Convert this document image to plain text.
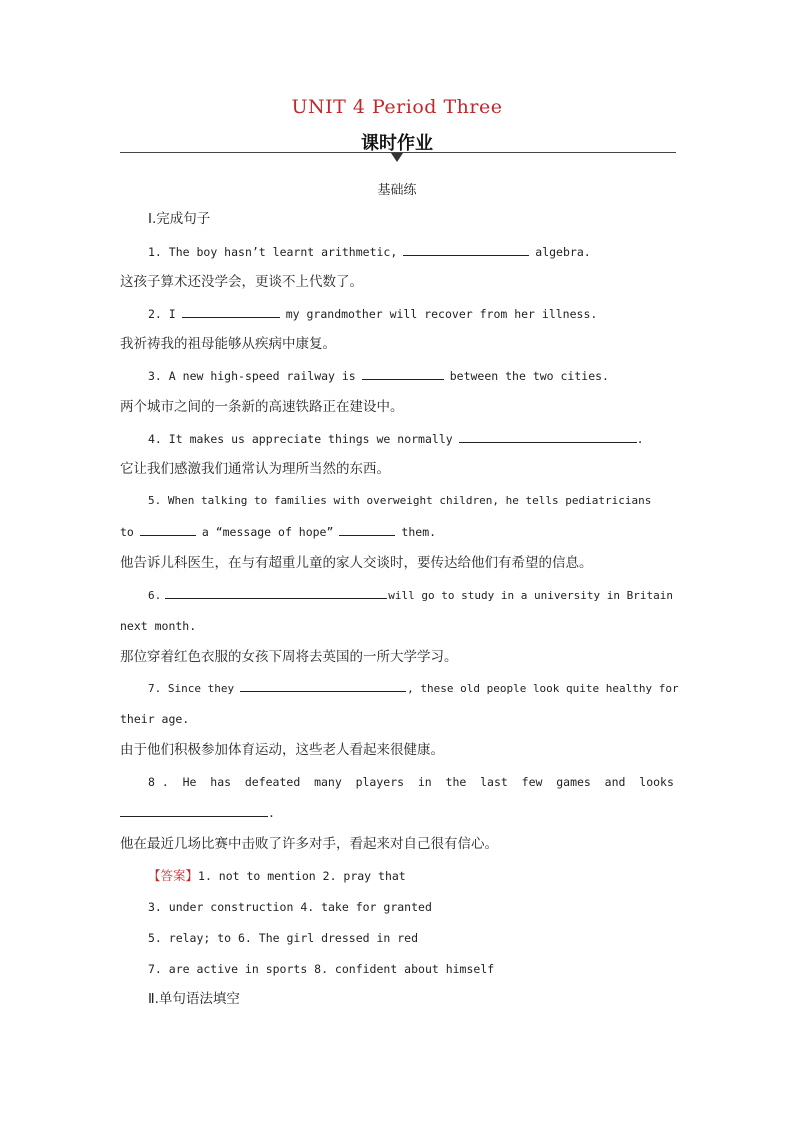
UNIT 4 Period Three
课时作业
基础练
Ⅰ.完成句子
1. The boy hasn’t learnt arithmetic,	algebra.
这孩子算术还没学会，更谈不上代数了。
2. I	my grandmother will recover from her illness.
我祈祷我的祖母能够从疾病中康复。
3. A new high-speed railway is	between the two cities.
两个城市之间的一条新的高速铁路正在建设中。
4. It makes us appreciate things we normally	.
它让我们感激我们通常认为理所当然的东西。
5. When talking to families with overweight children, he tells pediatricians
to	a “message of hope”	them.
他告诉儿科医生，在与有超重儿童的家人交谈时，要传达给他们有希望的信息。
6.	will go to study in a university in Britain
next month.
那位穿着红色衣服的女孩下周将去英国的一所大学学习。
7. Since they	, these old people look quite healthy for
their age.
由于他们积极参加体育运动，这些老人看起来很健康。
8 . He has defeated many players in the last few games and looks
.
他在最近几场比赛中击败了许多对手，看起来对自己很有信心。
【答案】1. not to mention 2. pray that
3. under construction 4. take for granted
5. relay; to 6. The girl dressed in red
7. are active in sports 8. confident about himself
Ⅱ.单句语法填空
